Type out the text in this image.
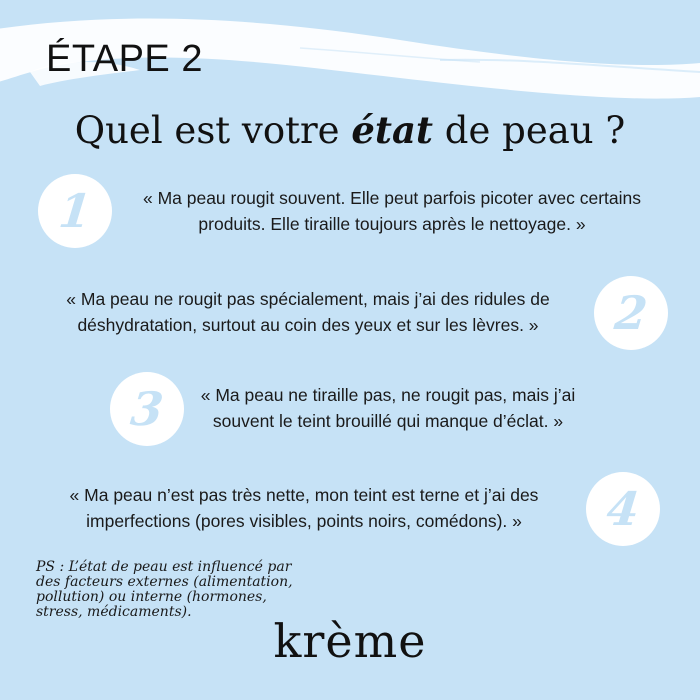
ÉTAPE 2
Quel est votre état de peau ?
1	« Ma peau rougit souvent. Elle peut parfois picoter avec certains produits. Elle tiraille toujours après le nettoyage. »

2

« Ma peau ne rougit pas spécialement, mais j’ai des ridules de déshydratation, surtout au coin des yeux et sur les lèvres. »

3	« Ma peau ne tiraille pas, ne rougit pas, mais j’ai souvent le teint brouillé qui manque d’éclat. »

4

« Ma peau n’est pas très nette, mon teint est terne et j’ai des imperfections (pores visibles, points noirs, comédons). »

PS : L’état de peau est influencé par des facteurs externes (alimentation, pollution) ou interne (hormones, stress, médicaments).

krème
